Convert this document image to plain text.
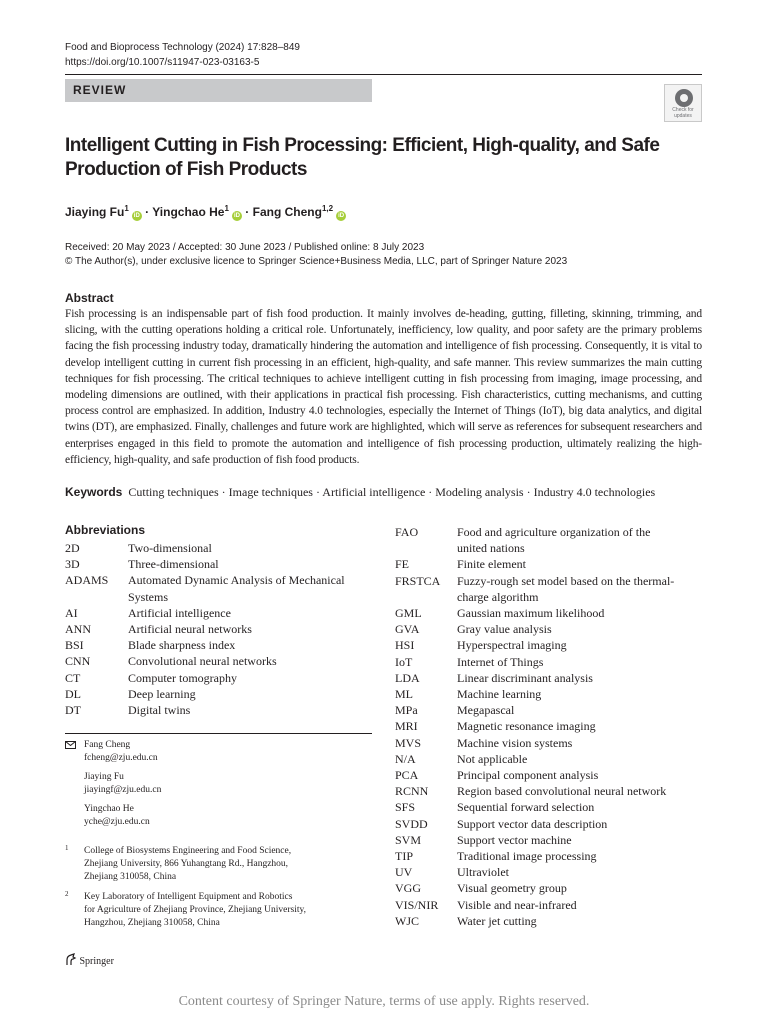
Food and Bioprocess Technology (2024) 17:828–849
https://doi.org/10.1007/s11947-023-03163-5
REVIEW
Check for
updates
Intelligent Cutting in Fish Processing: Efficient, High-quality, and Safe Production of Fish Products
Jiaying $Fu^1iD$ · Yingchao $He^1iD$ · Fang Cheng$^{1,2}$iD
Received: 20 May 2023 / Accepted: 30 June 2023 / Published online: 8 July 2023
© The Author(s), under exclusive licence to Springer Science+Business Media, LLC, part of Springer Nature 2023
Abstract
Fish processing is an indispensable part of fish food production. It mainly involves de-heading, gutting, filleting, skinning, trimming, and slicing, with the cutting operations holding a critical role. Unfortunately, inefficiency, low quality, and poor safety are the primary problems facing the fish processing industry today, dramatically hindering the automation and intelligence of fish processing. Consequently, it is vital to develop intelligent cutting in current fish processing in an efficient, high-quality, and safe manner. This review summarizes the main cutting techniques for fish processing. The critical techniques to achieve intelligent cutting in fish processing from imaging, image processing, and modeling dimensions are outlined, with their applications in practical fish processing. Fish characteristics, cutting mechanisms, and cutting process control are emphasized. In addition, Industry 4.0 technologies, especially the Internet of Things (IoT), big data analytics, and digital twins (DT), are emphasized. Finally, challenges and future work are highlighted, which will serve as references for subsequent researchers and enterprises engaged in this field to promote the automation and intelligence of fish processing production, ultimately realizing the high-efficiency, high-quality, and safe production of fish food products.
Keywords Cutting techniques · Image techniques · Artificial intelligence · Modeling analysis · Industry 4.0 technologies
Abbreviations
2D	Two-dimensional
3D	Three-dimensional
ADAMS Automated Dynamic Analysis of Mechanical
Systems
AI	Artificial intelligence
ANN	Artificial neural networks
BSI	Blade sharpness index
CNN	Convolutional neural networks
CT	Computer tomography
DL	Deep learning
DT	Digital twins
FAO	Food and agriculture organization of the
united nations
FE	Finite element
FRSTCA Fuzzy-rough set model based on the thermal-
charge algorithm
GML	Gaussian maximum likelihood
GVA	Gray value analysis
HSI	Hyperspectral imaging
IoT	Internet of Things
LDA	Linear discriminant analysis
ML	Machine learning
MPa	Megapascal
MRI	Magnetic resonance imaging
MVS	Machine vision systems
N/A	Not applicable
PCA	Principal component analysis
RCNN Region based convolutional neural network
SFS	Sequential forward selection
SVDD Support vector data description
SVM	Support vector machine
TIP	Traditional image processing
UV	Ultraviolet
VGG	Visual geometry group
VIS/NIR Visible and near-infrared
WJC	Water jet cutting
Fang Cheng
fcheng@zju.edu.cn
Jiaying Fu
jiayingf@zju.edu.cn
Yingchao He
yche@zju.edu.cn
1 College of Biosystems Engineering and Food Science,
Zhejiang University, 866 Yuhangtang Rd., Hangzhou,
Zhejiang 310058, China
2 Key Laboratory of Intelligent Equipment and Robotics
for Agriculture of Zhejiang Province, Zhejiang University,
Hangzhou, Zhejiang 310058, China
Springer
Content courtesy of Springer Nature, terms of use apply. Rights reserved.
